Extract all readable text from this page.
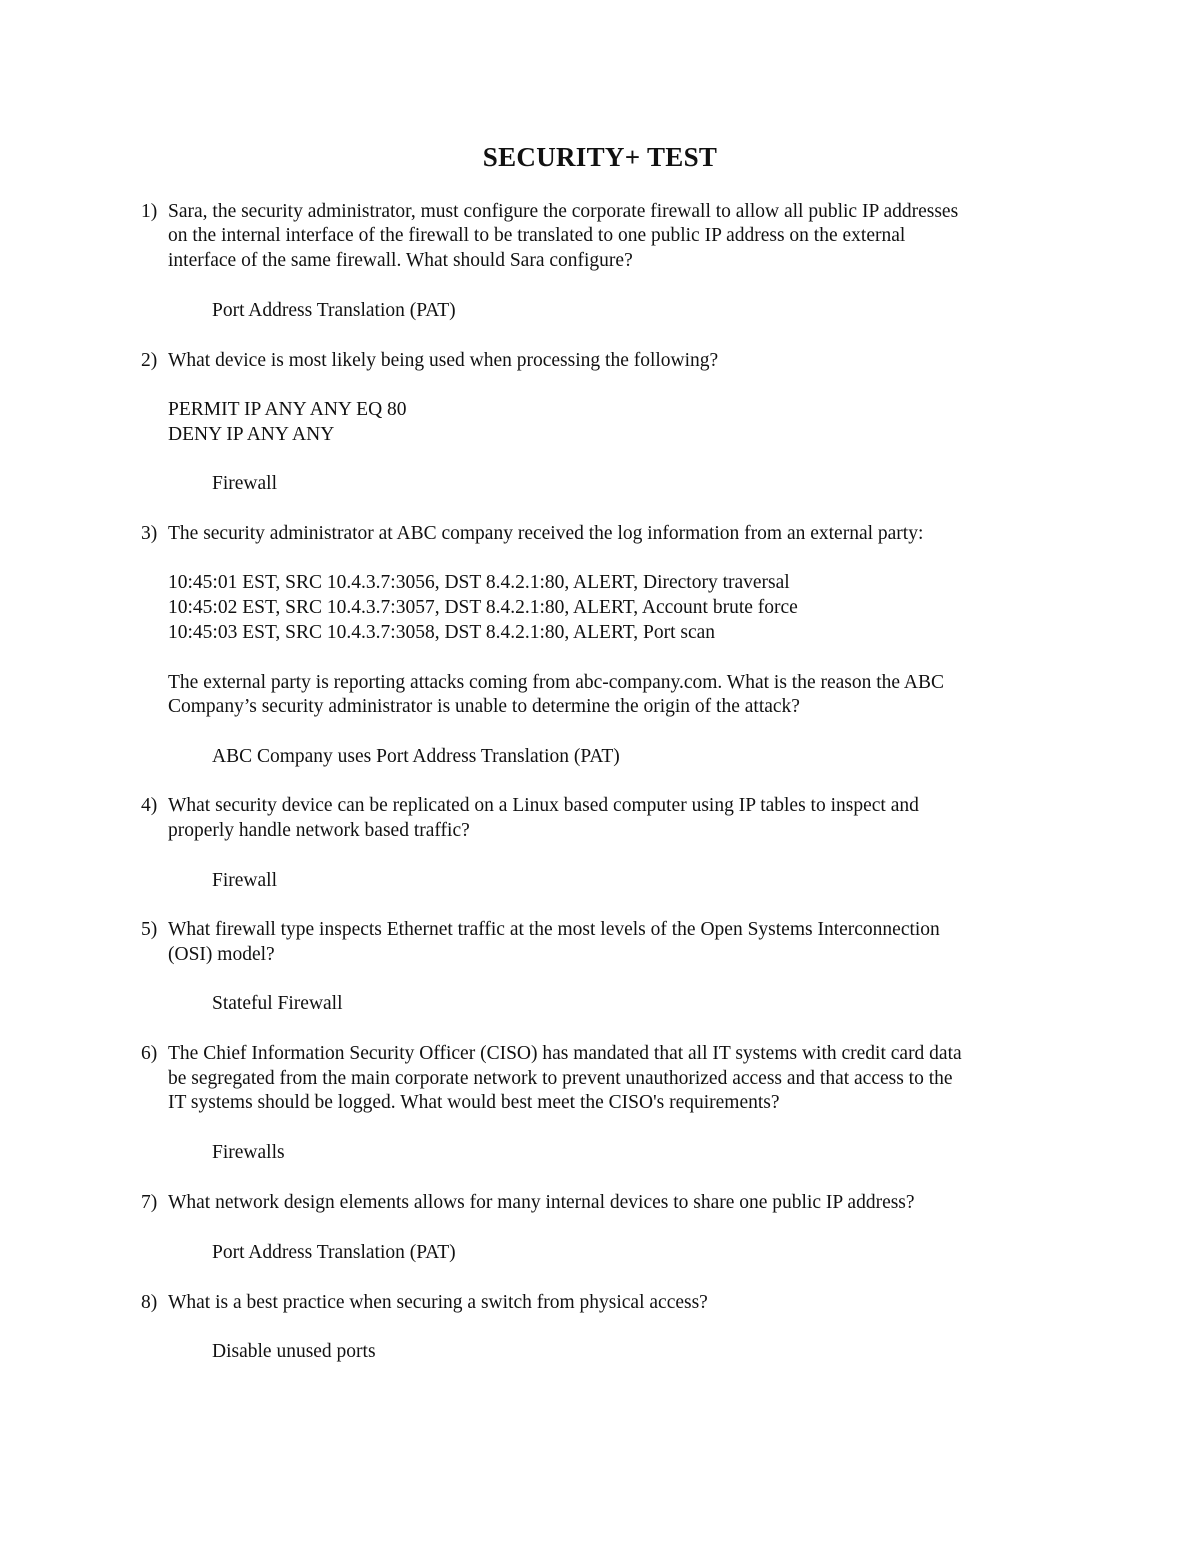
SECURITY+ TEST
1) Sara, the security administrator, must configure the corporate firewall to allow all public IP addresses
on the internal interface of the firewall to be translated to one public IP address on the external
interface of the same firewall. What should Sara configure?
Port Address Translation (PAT)
2) What device is most likely being used when processing the following?
PERMIT IP ANY ANY EQ 80
DENY IP ANY ANY
Firewall
3) The security administrator at ABC company received the log information from an external party:
10:45:01 EST, SRC 10.4.3.7:3056, DST 8.4.2.1:80, ALERT, Directory traversal
10:45:02 EST, SRC 10.4.3.7:3057, DST 8.4.2.1:80, ALERT, Account brute force
10:45:03 EST, SRC 10.4.3.7:3058, DST 8.4.2.1:80, ALERT, Port scan
The external party is reporting attacks coming from abc-company.com. What is the reason the ABC
Company’s security administrator is unable to determine the origin of the attack?
ABC Company uses Port Address Translation (PAT)
4) What security device can be replicated on a Linux based computer using IP tables to inspect and
properly handle network based traffic?
Firewall
5) What firewall type inspects Ethernet traffic at the most levels of the Open Systems Interconnection
(OSI) model?
Stateful Firewall
6) The Chief Information Security Officer (CISO) has mandated that all IT systems with credit card data
be segregated from the main corporate network to prevent unauthorized access and that access to the
IT systems should be logged. What would best meet the CISO's requirements?
Firewalls
7) What network design elements allows for many internal devices to share one public IP address?
Port Address Translation (PAT)
8) What is a best practice when securing a switch from physical access?
Disable unused ports
